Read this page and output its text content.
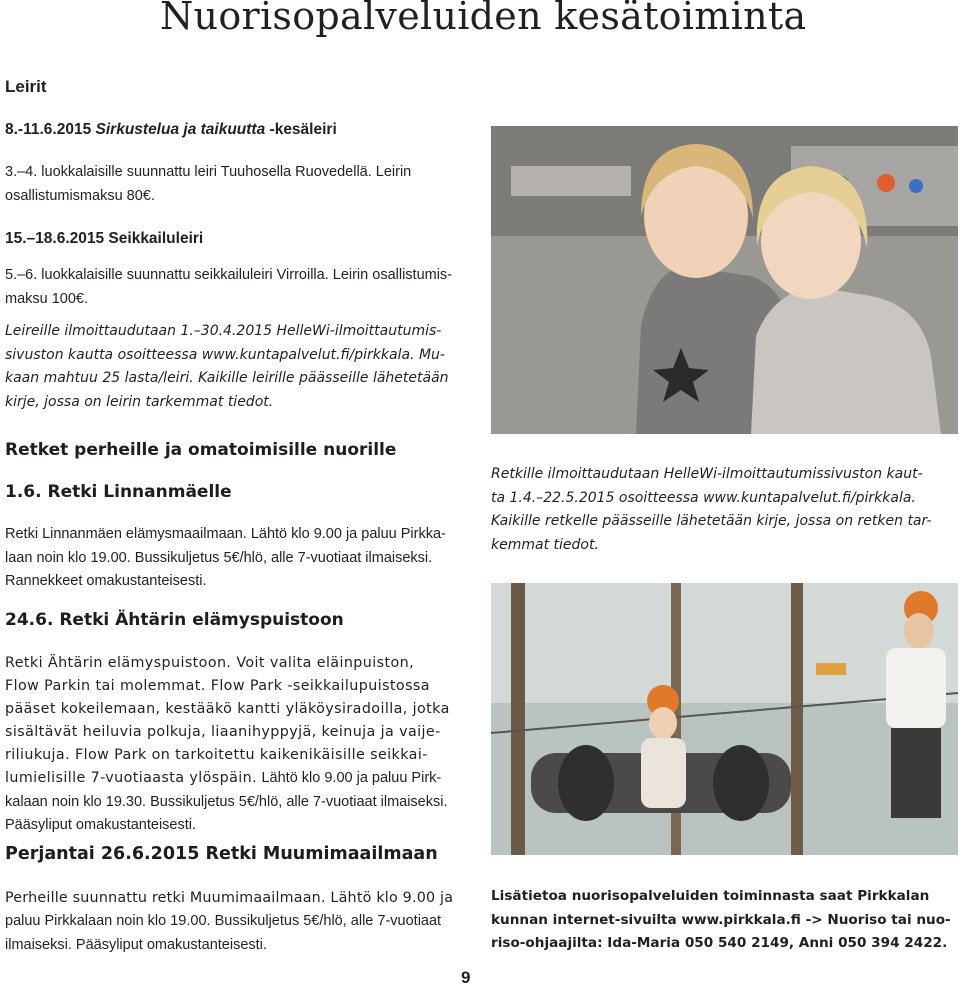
Nuorisopalveluiden kesätoiminta
Leirit
8.-11.6.2015 Sirkustelua ja taikuutta -kesäleiri
3.–4. luokkalaisille suunnattu leiri Tuuhosella Ruovedellä. Leirin
osallistumismaksu 80€.
15.–18.6.2015 Seikkailuleiri
5.–6. luokkalaisille suunnattu seikkailuleiri Virroilla. Leirin osallistumis-
maksu 100€.
Leireille ilmoittaudutaan 1.–30.4.2015 HelleWi-ilmoittautumis-
sivuston kautta osoitteessa www.kuntapalvelut.fi/pirkkala. Mu-
kaan mahtuu 25 lasta/leiri. Kaikille leirille päässeille lähetetään
kirje, jossa on leirin tarkemmat tiedot.
Retket perheille ja omatoimisille nuorille
1.6. Retki Linnanmäelle
Retki Linnanmäen elämysmaailmaan. Lähtö klo 9.00 ja paluu Pirkka-
laan noin klo 19.00. Bussikuljetus 5€/hlö, alle 7-vuotiaat ilmaiseksi.
Rannekkeet omakustanteisesti.
24.6. Retki Ähtärin elämyspuistoon
Retki Ähtärin elämyspuistoon. Voit valita eläinpuiston,
Flow Parkin tai molemmat. Flow Park -seikkailupuistossa
pääset kokeilemaan, kestääkö kantti yläköysiradoilla, jotka
sisältävät heiluvia polkuja, liaanihyppyjä, keinuja ja vaije-
riliukuja. Flow Park on tarkoitettu kaikenikäisille seikkai-
lumielisille 7-vuotiaasta ylöspäin. Lähtö klo 9.00 ja paluu Pirk-
kalaan noin klo 19.30. Bussikuljetus 5€/hlö, alle 7-vuotiaat ilmaiseksi.
Pääsyliput omakustanteisesti.
Perjantai 26.6.2015 Retki Muumimaailmaan
Perheille suunnattu retki Muumimaailmaan. Lähtö klo 9.00 ja
paluu Pirkkalaan noin klo 19.00. Bussikuljetus 5€/hlö, alle 7-vuotiaat
ilmaiseksi. Pääsyliput omakustanteisesti.
Retkille ilmoittaudutaan HelleWi-ilmoittautumissivuston kaut-
ta 1.4.–22.5.2015 osoitteessa www.kuntapalvelut.fi/pirkkala.
Kaikille retkelle päässeille lähetetään kirje, jossa on retken tar-
kemmat tiedot.
Lisätietoa nuorisopalveluiden toiminnasta saat Pirkkalan
kunnan internet-sivuilta www.pirkkala.fi -> Nuoriso tai nuo-
riso-ohjaajilta: Ida-Maria 050 540 2149, Anni 050 394 2422.
9
